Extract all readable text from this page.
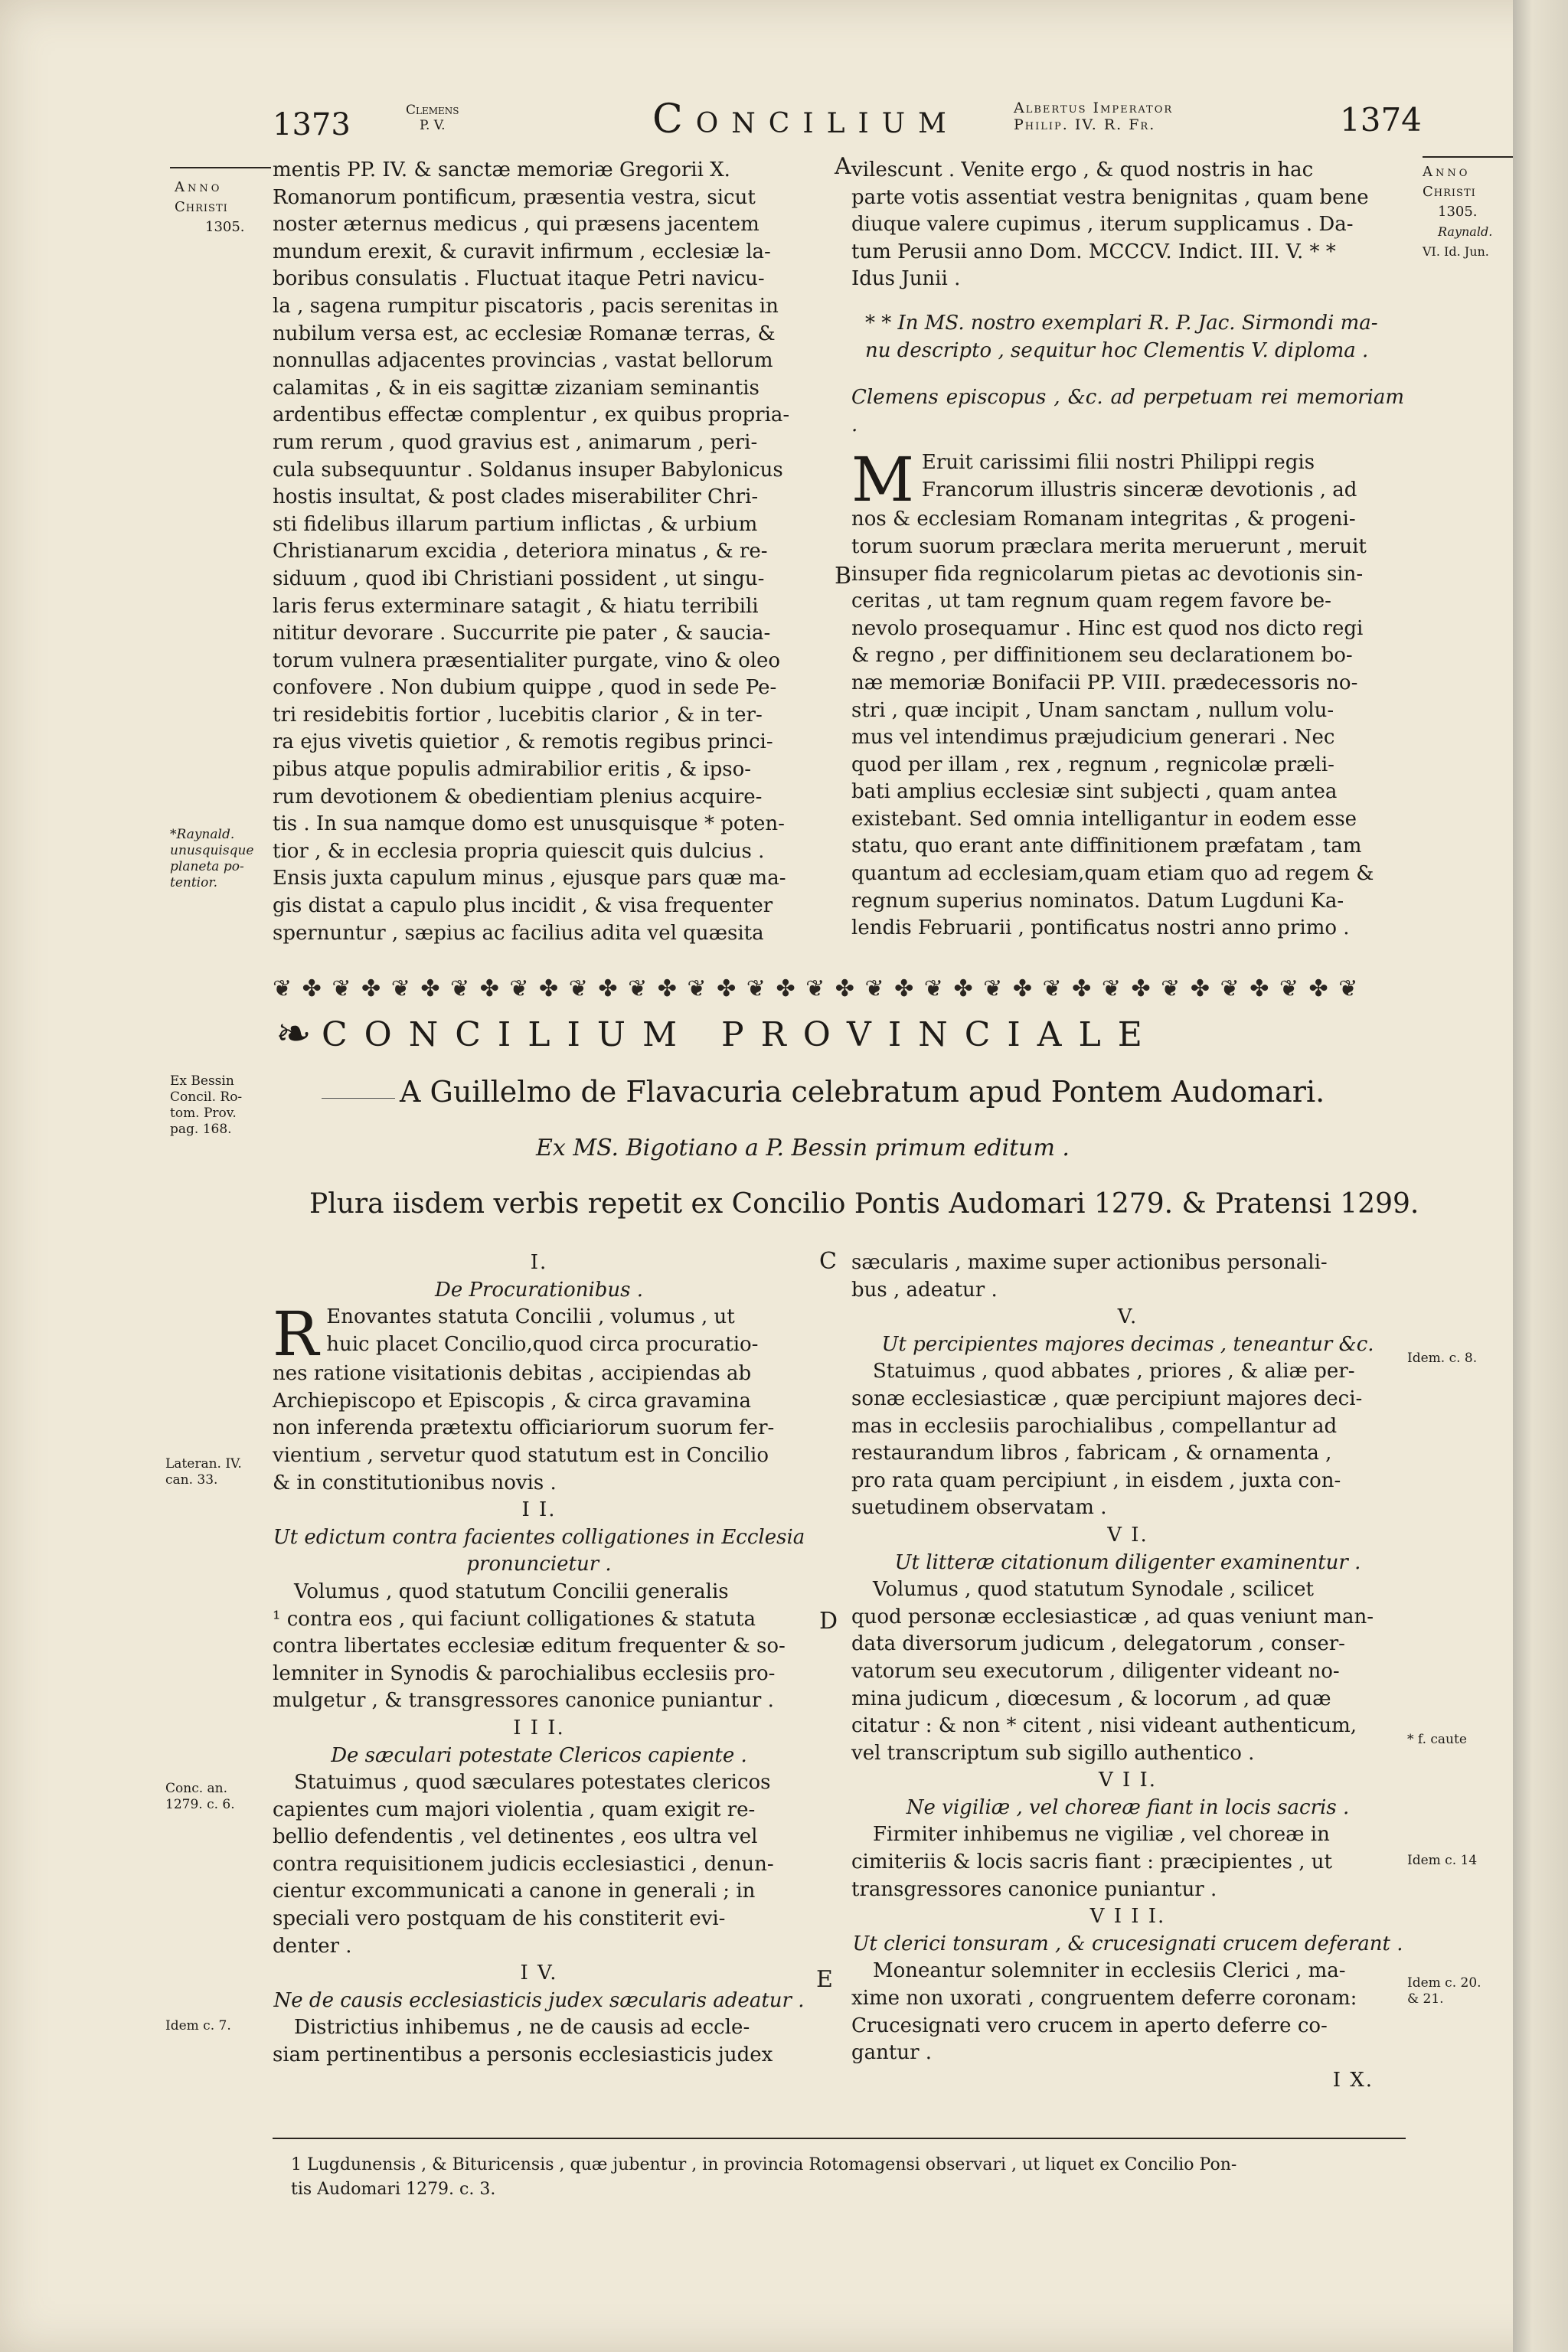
1373	Clemens
P. V.	Concilium	Albertus Imperator
Philip. IV. R. Fr.	1374
Anno
Christi
1305.
mentis PP. IV. & sanctæ memoriæ Gregorii X.
Romanorum pontificum, præsentia vestra, sicut
noster æternus medicus , qui præsens jacentem
mundum erexit, & curavit infirmum , ecclesiæ la-
boribus consulatis . Fluctuat itaque Petri navicu-
la , sagena rumpitur piscatoris , pacis serenitas in
nubilum versa est, ac ecclesiæ Romanæ terras, &
nonnullas adjacentes provincias , vastat bellorum
calamitas , & in eis sagittæ zizaniam seminantis
ardentibus effectæ complentur , ex quibus propria-
rum rerum , quod gravius est , animarum , peri-
cula subsequuntur . Soldanus insuper Babylonicus
hostis insultat, & post clades miserabiliter Chri-
sti fidelibus illarum partium inflictas , & urbium
Christianarum excidia , deteriora minatus , & re-
siduum , quod ibi Christiani possident , ut singu-
laris ferus exterminare satagit , & hiatu terribili
nititur devorare . Succurrite pie pater , & saucia-
torum vulnera præsentialiter purgate, vino & oleo
confovere . Non dubium quippe , quod in sede Pe-
tri residebitis fortior , lucebitis clarior , & in ter-
ra ejus vivetis quietior , & remotis regibus princi-
pibus atque populis admirabilior eritis , & ipso-
rum devotionem & obedientiam plenius acquire-
tis . In sua namque domo est unusquisque * poten-
tior , & in ecclesia propria quiescit quis dulcius .
Ensis juxta capulum minus , ejusque pars quæ ma-
gis distat a capulo plus incidit , & visa frequenter
spernuntur , sæpius ac facilius adita vel quæsita
*Raynald.
unusquisque
planeta po-
tentior.
A
B
C
D
E
vilescunt . Venite ergo , & quod nostris in hac
parte votis assentiat vestra benignitas , quam bene
diuque valere cupimus , iterum supplicamus . Da-
tum Perusii anno Dom. MCCCV. Indict. III. V. * *
Idus Junii .
* * In MS. nostro exemplari R. P. Jac. Sirmondi ma-
nu descripto , sequitur hoc Clementis V. diploma .
Clemens episcopus , &c. ad perpetuam rei memoriam .
M Eruit carissimi filii nostri Philippi regis
Francorum illustris sinceræ devotionis , ad
nos & ecclesiam Romanam integritas , & progeni-
torum suorum præclara merita meruerunt , meruit
insuper fida regnicolarum pietas ac devotionis sin-
ceritas , ut tam regnum quam regem favore be-
nevolo prosequamur . Hinc est quod nos dicto regi
& regno , per diffinitionem seu declarationem bo-
næ memoriæ Bonifacii PP. VIII. prædecessoris no-
stri , quæ incipit , Unam sanctam , nullum volu-
mus vel intendimus præjudicium generari . Nec
quod per illam , rex , regnum , regnicolæ præli-
bati amplius ecclesiæ sint subjecti , quam antea
existebant. Sed omnia intelligantur in eodem esse
statu, quo erant ante diffinitionem præfatam , tam
quantum ad ecclesiam,quam etiam quo ad regem &
regnum superius nominatos. Datum Lugduni Ka-
lendis Februarii , pontificatus nostri anno primo .
Anno
Christi
1305.
Raynald.
VI. Id. Jun.
❦ ✤ ❦ ✤ ❦ ✤ ❦ ✤ ❦ ✤ ❦ ✤ ❦ ✤ ❦ ✤ ❦ ✤ ❦ ✤ ❦ ✤ ❦ ✤ ❦ ✤ ❦ ✤ ❦ ✤ ❦ ✤ ❦ ✤ ❦ ✤ ❦
❧ CONCILIUM PROVINCIALE
A Guillelmo de Flavacuria celebratum apud Pontem Audomari.
Ex MS. Bigotiano a P. Bessin primum editum .
Plura iisdem verbis repetit ex Concilio Pontis Audomari 1279. & Pratensi 1299.
Ex Bessin
Concil. Ro-
tom. Prov.
pag. 168.
I.
De Procurationibus .
R Enovantes statuta Concilii , volumus , ut
huic placet Concilio,quod circa procuratio-
nes ratione visitationis debitas , accipiendas ab
Archiepiscopo et Episcopis , & circa gravamina
non inferenda prætextu officiariorum suorum fer-
vientium , servetur quod statutum est in Concilio
& in constitutionibus novis .
I I.
Ut edictum contra facientes colligationes in Ecclesia
pronuncietur .
Volumus , quod statutum Concilii generalis
¹ contra eos , qui faciunt colligationes & statuta
contra libertates ecclesiæ editum frequenter & so-
lemniter in Synodis & parochialibus ecclesiis pro-
mulgetur , & transgressores canonice puniantur .
I I I.
De sæculari potestate Clericos capiente .
Statuimus , quod sæculares potestates clericos
capientes cum majori violentia , quam exigit re-
bellio defendentis , vel detinentes , eos ultra vel
contra requisitionem judicis ecclesiastici , denun-
cientur excommunicati a canone in generali ; in
speciali vero postquam de his constiterit evi-
denter .
I V.
Ne de causis ecclesiasticis judex sæcularis adeatur .
Districtius inhibemus , ne de causis ad eccle-
siam pertinentibus a personis ecclesiasticis judex
Lateran. IV.
can. 33.
Conc. an.
1279. c. 6.
Idem c. 7.
sæcularis , maxime super actionibus personali-
bus , adeatur .
V.
Ut percipientes majores decimas , teneantur &c.
Statuimus , quod abbates , priores , & aliæ per-
sonæ ecclesiasticæ , quæ percipiunt majores deci-
mas in ecclesiis parochialibus , compellantur ad
restaurandum libros , fabricam , & ornamenta ,
pro rata quam percipiunt , in eisdem , juxta con-
suetudinem observatam .
V I.
Ut litteræ citationum diligenter examinentur .
Volumus , quod statutum Synodale , scilicet
quod personæ ecclesiasticæ , ad quas veniunt man-
data diversorum judicum , delegatorum , conser-
vatorum seu executorum , diligenter videant no-
mina judicum , diœcesum , & locorum , ad quæ
citatur : & non * citent , nisi videant authenticum,
vel transcriptum sub sigillo authentico .
V I I.
Ne vigiliæ , vel choreæ fiant in locis sacris .
Firmiter inhibemus ne vigiliæ , vel choreæ in
cimiteriis & locis sacris fiant : præcipientes , ut
transgressores canonice puniantur .
V I I I.
Ut clerici tonsuram , & crucesignati crucem deferant .
Moneantur solemniter in ecclesiis Clerici , ma-
xime non uxorati , congruentem deferre coronam:
Crucesignati vero crucem in aperto deferre co-
gantur .
I X.
Idem. c. 8.
* f. caute
Idem c. 14
Idem c. 20.
& 21.
1 Lugdunensis , & Bituricensis , quæ jubentur , in provincia Rotomagensi observari , ut liquet ex Concilio Pon-
tis Audomari 1279. c. 3.
